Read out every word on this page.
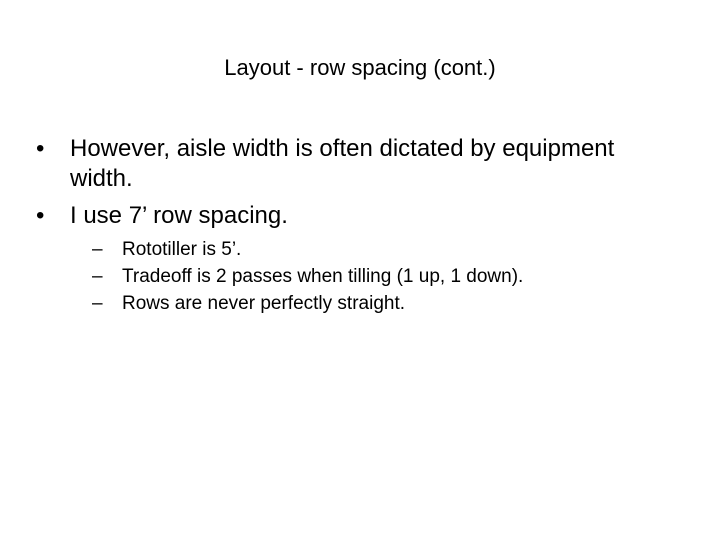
Layout - row spacing (cont.)
•	However, aisle width is often dictated by equipment width.
•	I use 7’ row spacing.
– Rototiller is 5’.
– Tradeoff is 2 passes when tilling (1 up, 1 down).
– Rows are never perfectly straight.
